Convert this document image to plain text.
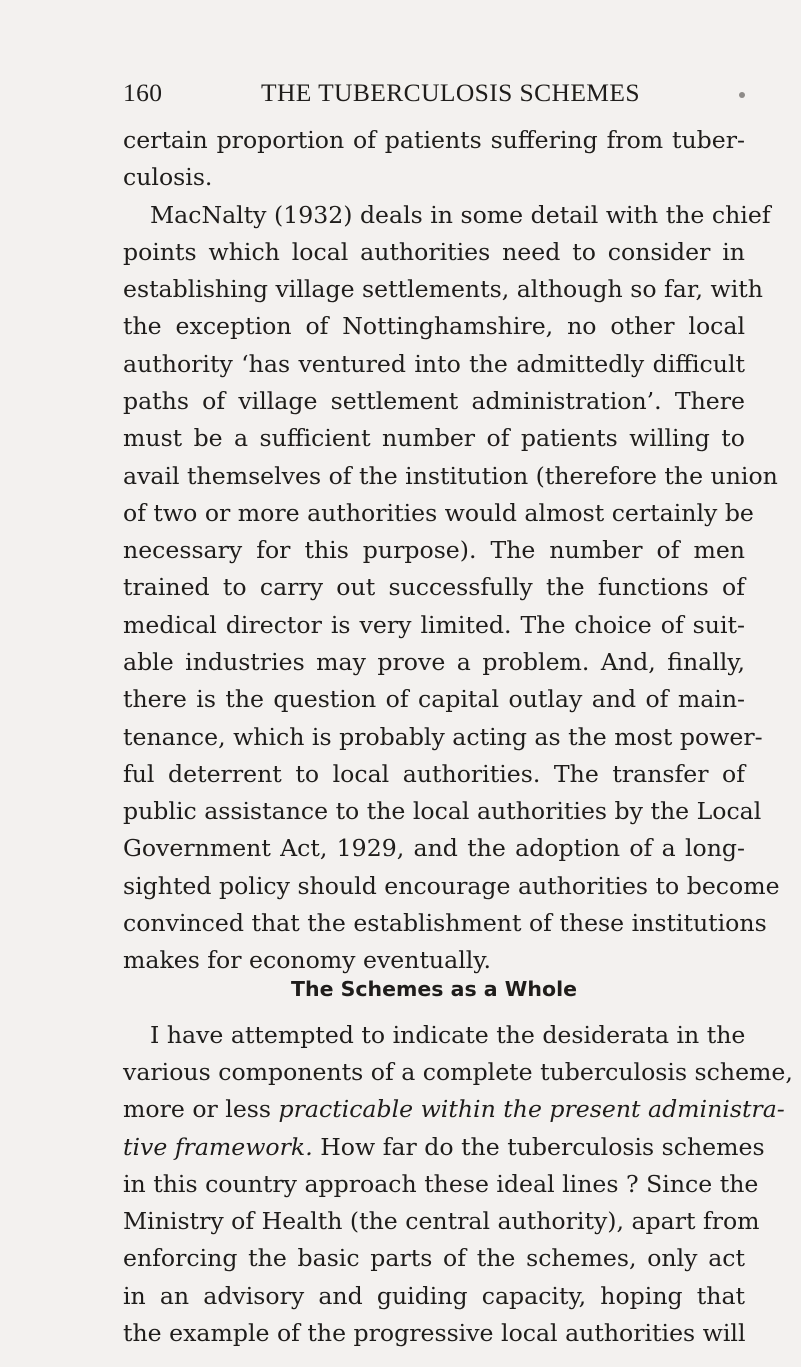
160	THE TUBERCULOSIS SCHEMES
certain proportion of patients suffering from tuber-
culosis.
MacNalty (1932) deals in some detail with the chief
points which local authorities need to consider in
establishing village settlements, although so far, with
the exception of Nottinghamshire, no other local
authority ‘has ventured into the admittedly difficult
paths of village settlement administration’. There
must be a sufficient number of patients willing to
avail themselves of the institution (therefore the union
of two or more authorities would almost certainly be
necessary for this purpose). The number of men
trained to carry out successfully the functions of
medical director is very limited. The choice of suit-
able industries may prove a problem. And, finally,
there is the question of capital outlay and of main-
tenance, which is probably acting as the most power-
ful deterrent to local authorities. The transfer of
public assistance to the local authorities by the Local
Government Act, 1929, and the adoption of a long-
sighted policy should encourage authorities to become
convinced that the establishment of these institutions
makes for economy eventually.
The Schemes as a Whole
I have attempted to indicate the desiderata in the
various components of a complete tuberculosis scheme,
more or less practicable within the present administra-
tive framework. How far do the tuberculosis schemes
in this country approach these ideal lines ? Since the
Ministry of Health (the central authority), apart from
enforcing the basic parts of the schemes, only act
in an advisory and guiding capacity, hoping that
the example of the progressive local authorities will
